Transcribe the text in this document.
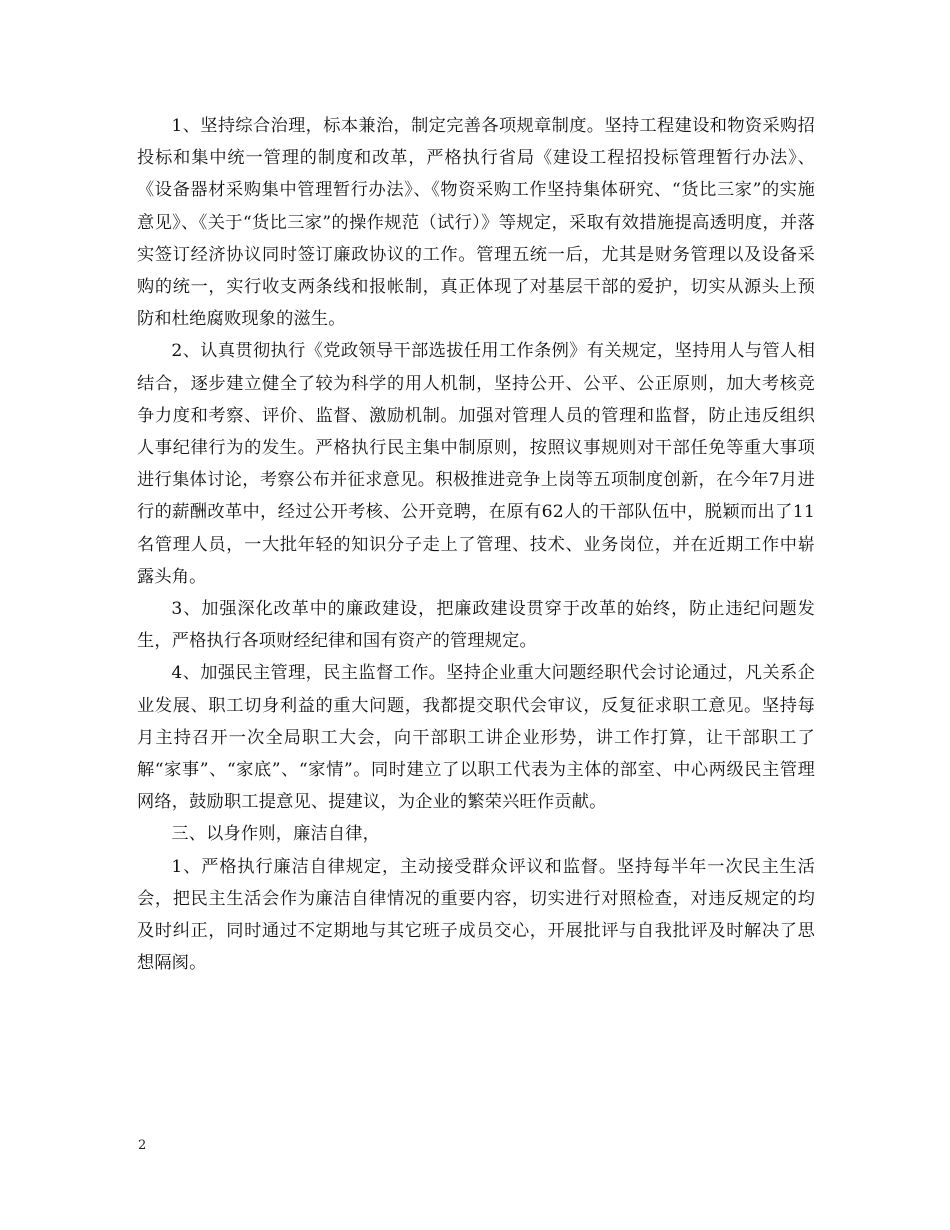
1、坚持综合治理，标本兼治，制定完善各项规章制度。坚持工程建设和物资采购招投标和集中统一管理的制度和改革，严格执行省局《建设工程招投标管理暂行办法》、《设备器材采购集中管理暂行办法》、《物资采购工作坚持集体研究、“货比三家”的实施意见》、《关于“货比三家”的操作规范（试行）》等规定，采取有效措施提高透明度，并落实签订经济协议同时签订廉政协议的工作。管理五统一后，尤其是财务管理以及设备采购的统一，实行收支两条线和报帐制，真正体现了对基层干部的爱护，切实从源头上预防和杜绝腐败现象的滋生。

2、认真贯彻执行《党政领导干部选拔任用工作条例》有关规定，坚持用人与管人相结合，逐步建立健全了较为科学的用人机制，坚持公开、公平、公正原则，加大考核竞争力度和考察、评价、监督、激励机制。加强对管理人员的管理和监督，防止违反组织人事纪律行为的发生。严格执行民主集中制原则，按照议事规则对干部任免等重大事项进行集体讨论，考察公布并征求意见。积极推进竞争上岗等五项制度创新，在今年7月进行的薪酬改革中，经过公开考核、公开竞聘，在原有62人的干部队伍中，脱颖而出了11名管理人员，一大批年轻的知识分子走上了管理、技术、业务岗位，并在近期工作中崭露头角。

3、加强深化改革中的廉政建设，把廉政建设贯穿于改革的始终，防止违纪问题发生，严格执行各项财经纪律和国有资产的管理规定。

4、加强民主管理，民主监督工作。坚持企业重大问题经职代会讨论通过，凡关系企业发展、职工切身利益的重大问题，我都提交职代会审议，反复征求职工意见。坚持每月主持召开一次全局职工大会，向干部职工讲企业形势，讲工作打算，让干部职工了解“家事”、“家底”、“家情”。同时建立了以职工代表为主体的部室、中心两级民主管理网络，鼓励职工提意见、提建议，为企业的繁荣兴旺作贡献。

三、以身作则，廉洁自律，

1、严格执行廉洁自律规定，主动接受群众评议和监督。坚持每半年一次民主生活会，把民主生活会作为廉洁自律情况的重要内容，切实进行对照检查，对违反规定的均及时纠正，同时通过不定期地与其它班子成员交心，开展批评与自我批评及时解决了思想隔阂。

2
